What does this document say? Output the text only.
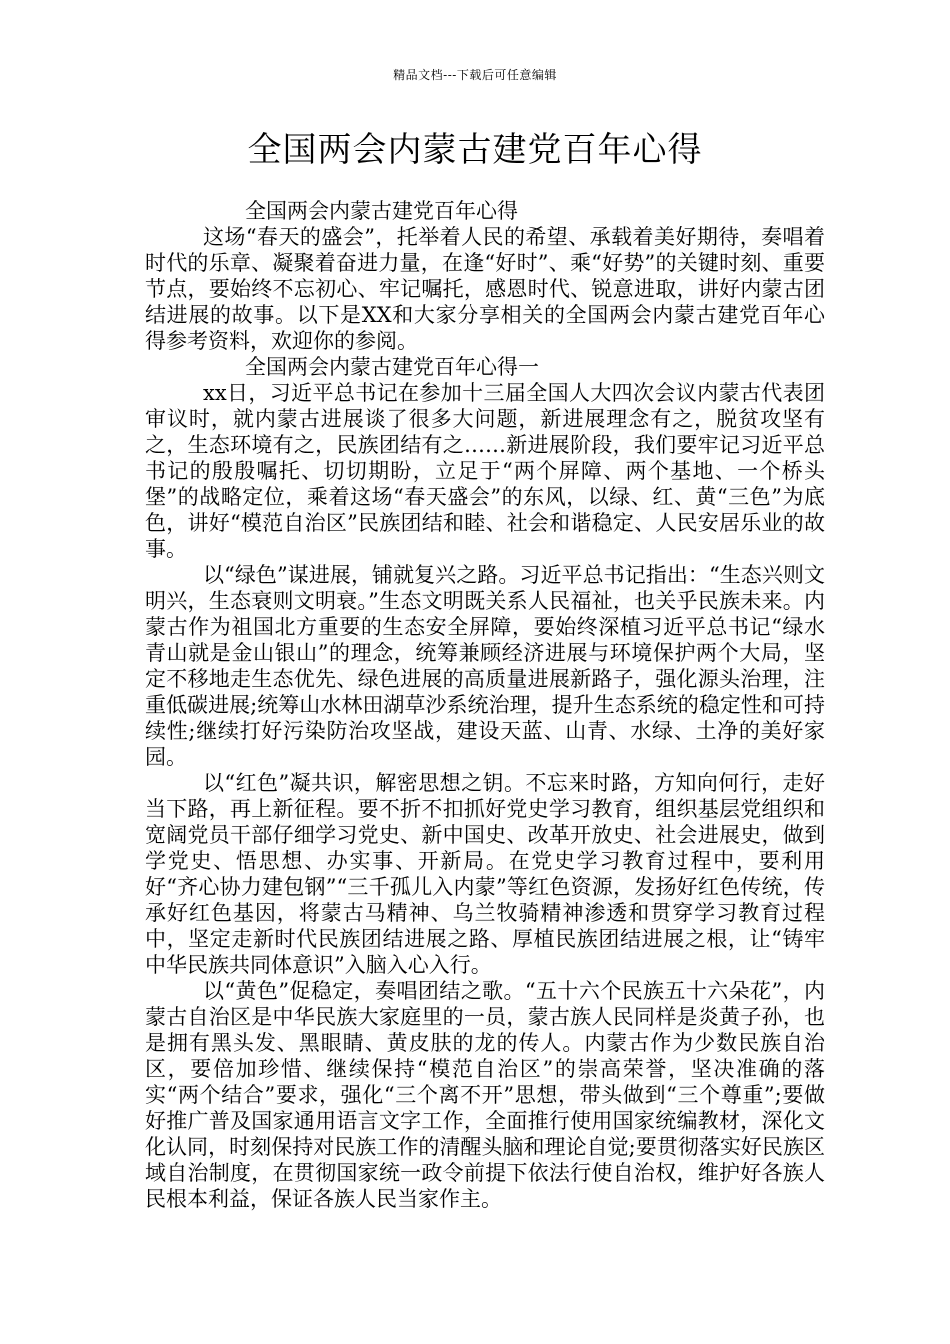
精品文档---下载后可任意编辑
全国两会内蒙古建党百年心得

全国两会内蒙古建党百年心得

这场“春天的盛会”，托举着人民的希望、承载着美好期待，奏唱着时代的乐章、凝聚着奋进力量，在逢“好时”、乘“好势”的关键时刻、重要节点，要始终不忘初心、牢记嘱托，感恩时代、锐意进取，讲好内蒙古团结进展的故事。以下是XX和大家分享相关的全国两会内蒙古建党百年心得参考资料，欢迎你的参阅。

全国两会内蒙古建党百年心得一

xx日，习近平总书记在参加十三届全国人大四次会议内蒙古代表团审议时，就内蒙古进展谈了很多大问题，新进展理念有之，脱贫攻坚有之，生态环境有之，民族团结有之……新进展阶段，我们要牢记习近平总书记的殷殷嘱托、切切期盼，立足于“两个屏障、两个基地、一个桥头堡”的战略定位，乘着这场“春天盛会”的东风，以绿、红、黄“三色”为底色，讲好“模范自治区”民族团结和睦、社会和谐稳定、人民安居乐业的故事。

以“绿色”谋进展，铺就复兴之路。习近平总书记指出：“生态兴则文明兴，生态衰则文明衰。”生态文明既关系人民福祉，也关乎民族未来。内蒙古作为祖国北方重要的生态安全屏障，要始终深植习近平总书记“绿水青山就是金山银山”的理念，统筹兼顾经济进展与环境保护两个大局，坚定不移地走生态优先、绿色进展的高质量进展新路子，强化源头治理，注重低碳进展;统筹山水林田湖草沙系统治理，提升生态系统的稳定性和可持续性;继续打好污染防治攻坚战，建设天蓝、山青、水绿、土净的美好家园。

以“红色”凝共识，解密思想之钥。不忘来时路，方知向何行，走好当下路，再上新征程。要不折不扣抓好党史学习教育，组织基层党组织和宽阔党员干部仔细学习党史、新中国史、改革开放史、社会进展史，做到学党史、悟思想、办实事、开新局。在党史学习教育过程中，要利用好“齐心协力建包钢”“三千孤儿入内蒙”等红色资源，发扬好红色传统，传承好红色基因，将蒙古马精神、乌兰牧骑精神渗透和贯穿学习教育过程中，坚定走新时代民族团结进展之路、厚植民族团结进展之根，让“铸牢中华民族共同体意识”入脑入心入行。

以“黄色”促稳定，奏唱团结之歌。“五十六个民族五十六朵花”，内蒙古自治区是中华民族大家庭里的一员，蒙古族人民同样是炎黄子孙，也是拥有黑头发、黑眼睛、黄皮肤的龙的传人。内蒙古作为少数民族自治区，要倍加珍惜、继续保持“模范自治区”的崇高荣誉，坚决准确的落实“两个结合”要求，强化“三个离不开”思想，带头做到“三个尊重”;要做好推广普及国家通用语言文字工作，全面推行使用国家统编教材，深化文化认同，时刻保持对民族工作的清醒头脑和理论自觉;要贯彻落实好民族区域自治制度，在贯彻国家统一政令前提下依法行使自治权，维护好各族人民根本利益，保证各族人民当家作主。
